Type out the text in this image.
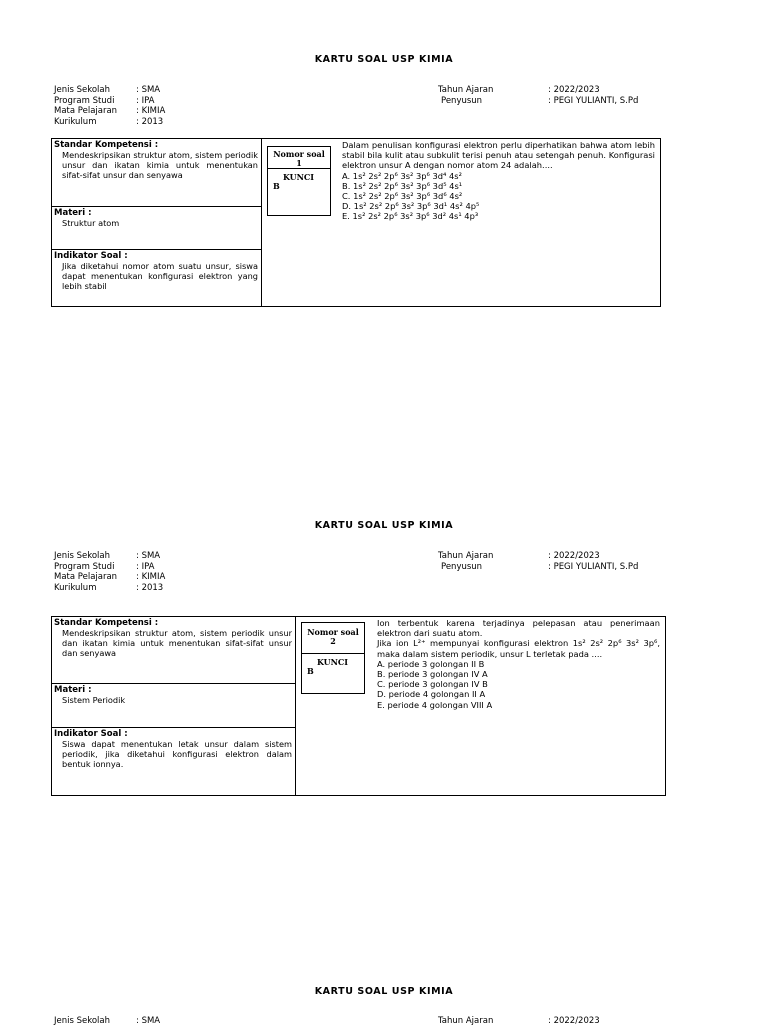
KARTU SOAL USP KIMIA
Jenis Sekolah	: SMA
Program Studi	: IPA
Mata Pelajaran : KIMIA
Kurikulum	: 2013
Tahun Ajaran	: 2022/2023
Penyusun	: PEGI YULIANTI, S.Pd
Standar Kompetensi :

Mendeskripsikan struktur atom, sistem periodik unsur dan ikatan kimia untuk menentukan sifat-sifat unsur dan senyawa

Materi :

Struktur atom

Indikator Soal :

Jika diketahui nomor atom suatu unsur, siswa dapat menentukan konfigurasi elektron yang lebih stabil

Nomor soal
1
KUNCI
B
Dalam penulisan konfigurasi elektron perlu diperhatikan bahwa atom lebih stabil bila kulit atau subkulit terisi penuh atau setengah penuh. Konfigurasi elektron unsur A dengan nomor atom 24 adalah....
A. 1s² 2s² 2p⁶ 3s² 3p⁶ 3d⁴ 4s²
B. 1s² 2s² 2p⁶ 3s² 3p⁶ 3d⁵ 4s¹
C. 1s² 2s² 2p⁶ 3s² 3p⁶ 3d⁶ 4s²
D. 1s² 2s² 2p⁶ 3s² 3p⁶ 3d¹ 4s² 4p⁵
E. 1s² 2s² 2p⁶ 3s² 3p⁶ 3d² 4s¹ 4p³
KARTU SOAL USP KIMIA
Jenis Sekolah	: SMA
Program Studi	: IPA
Mata Pelajaran : KIMIA
Kurikulum	: 2013
Tahun Ajaran	: 2022/2023
Penyusun	: PEGI YULIANTI, S.Pd
Standar Kompetensi :

Mendeskripsikan struktur atom, sistem periodik unsur dan ikatan kimia untuk menentukan sifat-sifat unsur dan senyawa

Materi :

Sistem Periodik

Indikator Soal :

Siswa dapat menentukan letak unsur dalam sistem periodik, jika diketahui konfigurasi elektron dalam bentuk ionnya.

Nomor soal
2
KUNCI
B
Ion terbentuk karena terjadinya pelepasan atau penerimaan elektron dari suatu atom.
Jika ion L²⁺ mempunyai konfigurasi elektron 1s² 2s² 2p⁶ 3s² 3p⁶, maka dalam sistem periodik, unsur L terletak pada ....
A. periode 3 golongan II B
B. periode 3 golongan IV A
C. periode 3 golongan IV B
D. periode 4 golongan II A
E. periode 4 golongan VIII A
KARTU SOAL USP KIMIA
Jenis Sekolah	: SMA	Tahun Ajaran	: 2022/2023
